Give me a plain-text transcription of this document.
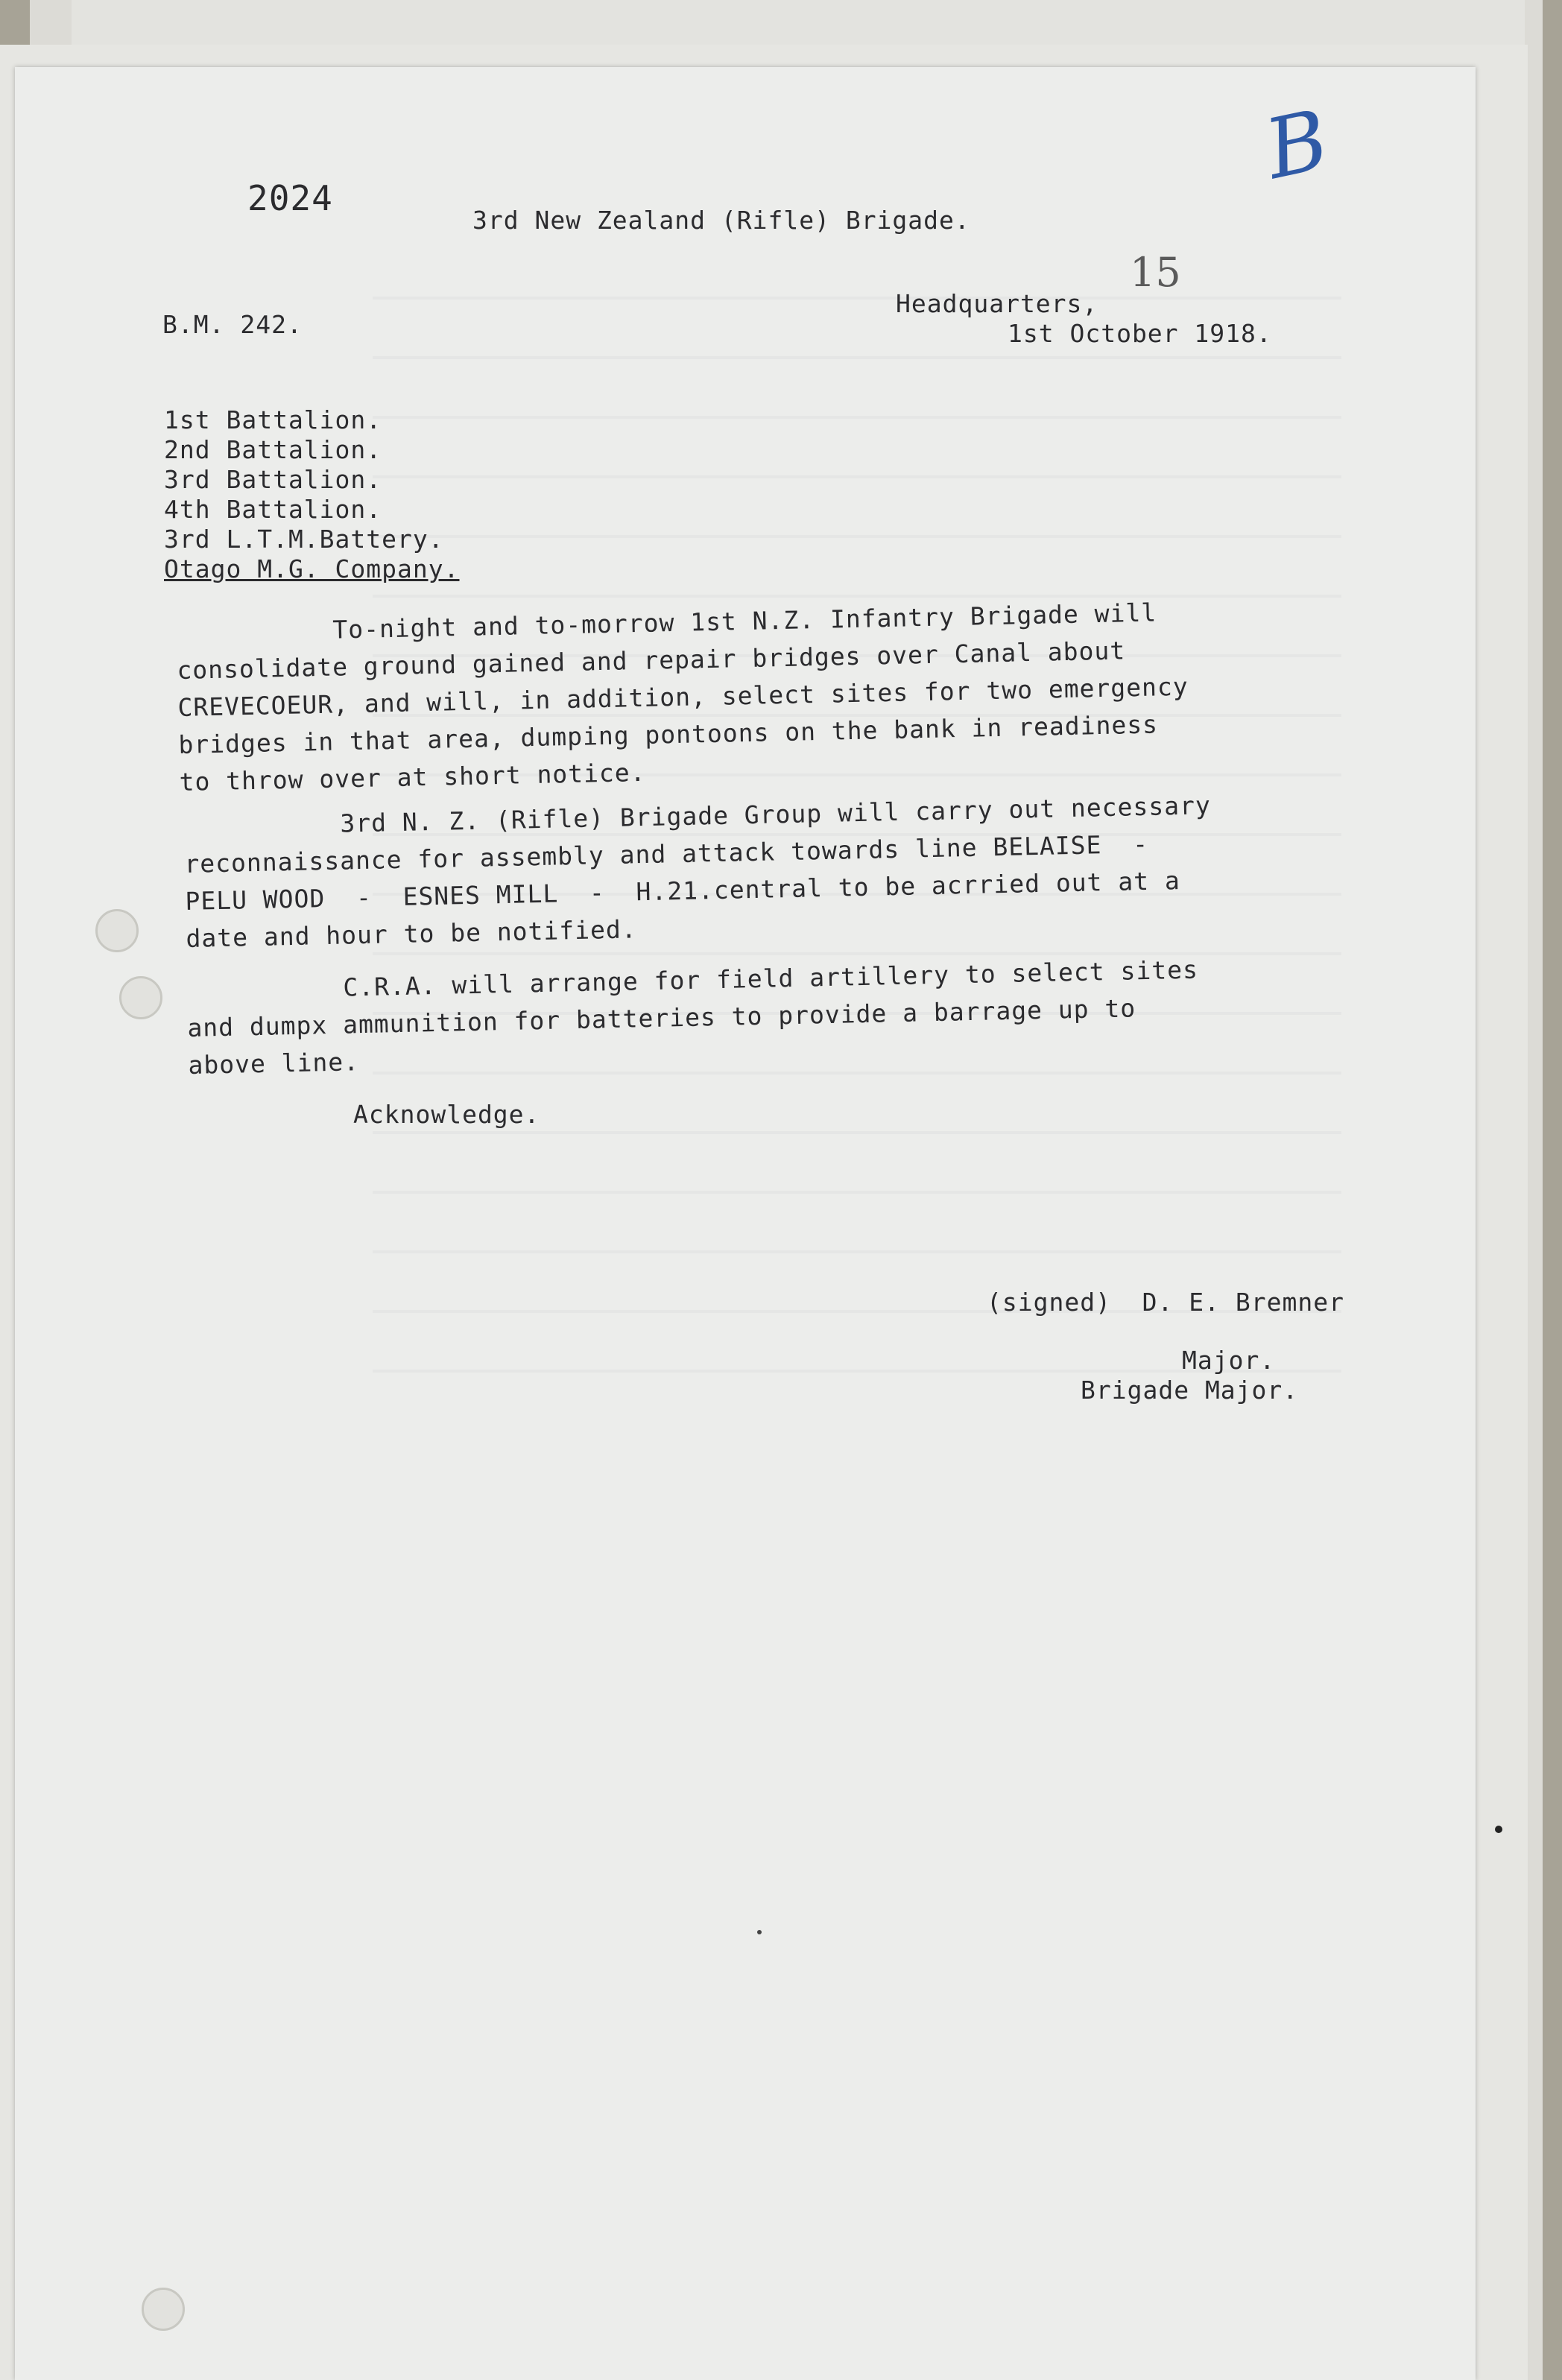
B

15

2024

3rd New Zealand (Rifle) Brigade.

B.M. 242.

Headquarters,

1st October 1918.

1st Battalion.

2nd Battalion.

3rd Battalion.

4th Battalion.

3rd L.T.M.Battery.

Otago M.G. Company.

To-night and to-morrow 1st N.Z. Infantry Brigade will

consolidate ground gained and repair bridges over Canal about

CREVECOEUR, and will, in addition, select sites for two emergency

bridges in that area, dumping pontoons on the bank in readiness

to throw over at short notice.

3rd N. Z. (Rifle) Brigade Group will carry out necessary

reconnaissance for assembly and attack towards line BELAISE  -

PELU WOOD  -  ESNES MILL  -  H.21.central to be acrried out at a

date and hour to be notified.

C.R.A. will arrange for field artillery to select sites

and dumpx ammunition for batteries to provide a barrage up to

above line.

Acknowledge.

(signed)  D. E. Bremner

Major.

Brigade Major.
